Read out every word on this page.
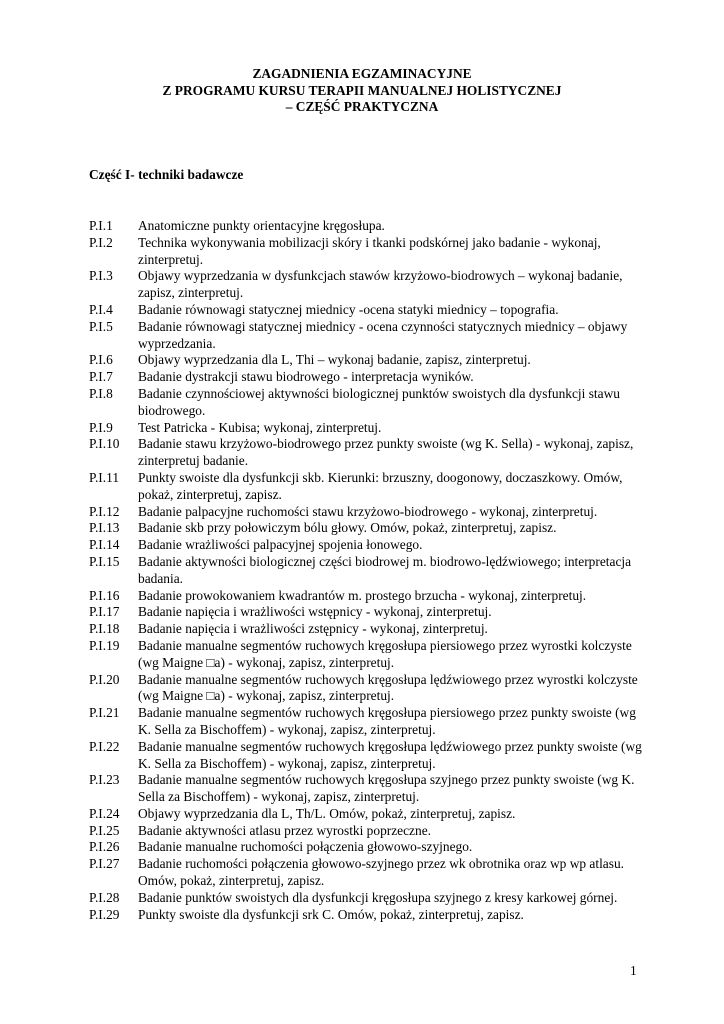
ZAGADNIENIA EGZAMINACYJNE
Z PROGRAMU KURSU TERAPII MANUALNEJ HOLISTYCZNEJ
– CZĘŚĆ PRAKTYCZNA
Część I- techniki badawcze
P.I.1	Anatomiczne punkty orientacyjne kręgosłupa.
P.I.2	Technika wykonywania mobilizacji skóry i tkanki podskórnej jako badanie - wykonaj, zinterpretuj.
P.I.3	Objawy wyprzedzania w dysfunkcjach stawów krzyżowo-biodrowych – wykonaj badanie, zapisz, zinterpretuj.
P.I.4	Badanie równowagi statycznej miednicy -ocena statyki miednicy – topografia.
P.I.5	Badanie równowagi statycznej miednicy - ocena czynności statycznych miednicy – objawy wyprzedzania.
P.I.6	Objawy wyprzedzania dla L, Thi – wykonaj badanie, zapisz, zinterpretuj.
P.I.7	Badanie dystrakcji stawu biodrowego - interpretacja wyników.
P.I.8	Badanie czynnościowej aktywności biologicznej punktów swoistych dla dysfunkcji stawu biodrowego.
P.I.9	Test Patricka - Kubisa; wykonaj, zinterpretuj.
P.I.10	Badanie stawu krzyżowo-biodrowego przez punkty swoiste (wg K. Sella) - wykonaj, zapisz, zinterpretuj badanie.
P.I.11	Punkty swoiste dla dysfunkcji skb. Kierunki: brzuszny, doogonowy, doczaszkowy. Omów, pokaż, zinterpretuj, zapisz.
P.I.12	Badanie palpacyjne ruchomości stawu krzyżowo-biodrowego - wykonaj, zinterpretuj.
P.I.13	Badanie skb przy połowiczym bólu głowy. Omów, pokaż, zinterpretuj, zapisz.
P.I.14	Badanie wrażliwości palpacyjnej spojenia łonowego.
P.I.15	Badanie aktywności biologicznej części biodrowej m. biodrowo-lędźwiowego; interpretacja badania.
P.I.16	Badanie prowokowaniem kwadrantów m. prostego brzucha - wykonaj, zinterpretuj.
P.I.17	Badanie napięcia i wrażliwości wstępnicy - wykonaj, zinterpretuj.
P.I.18	Badanie napięcia i wrażliwości zstępnicy - wykonaj, zinterpretuj.
P.I.19	Badanie manualne segmentów ruchowych kręgosłupa piersiowego przez wyrostki kolczyste (wg Maigne □a) - wykonaj, zapisz, zinterpretuj.
P.I.20	Badanie manualne segmentów ruchowych kręgosłupa lędźwiowego przez wyrostki kolczyste (wg Maigne □a) - wykonaj, zapisz, zinterpretuj.
P.I.21	Badanie manualne segmentów ruchowych kręgosłupa piersiowego przez punkty swoiste (wg K. Sella za Bischoffem) - wykonaj, zapisz, zinterpretuj.
P.I.22	Badanie manualne segmentów ruchowych kręgosłupa lędźwiowego przez punkty swoiste (wg K. Sella za Bischoffem) - wykonaj, zapisz, zinterpretuj.
P.I.23	Badanie manualne segmentów ruchowych kręgosłupa szyjnego przez punkty swoiste (wg K. Sella za Bischoffem) - wykonaj, zapisz, zinterpretuj.
P.I.24	Objawy wyprzedzania dla L, Th/L. Omów, pokaż, zinterpretuj, zapisz.
P.I.25	Badanie aktywności atlasu przez wyrostki poprzeczne.
P.I.26	Badanie manualne ruchomości połączenia głowowo-szyjnego.
P.I.27	Badanie ruchomości połączenia głowowo-szyjnego przez wk obrotnika oraz wp wp atlasu. Omów, pokaż, zinterpretuj, zapisz.
P.I.28	Badanie punktów swoistych dla dysfunkcji kręgosłupa szyjnego z kresy karkowej górnej.
P.I.29	Punkty swoiste dla dysfunkcji srk C. Omów, pokaż, zinterpretuj, zapisz.
1
